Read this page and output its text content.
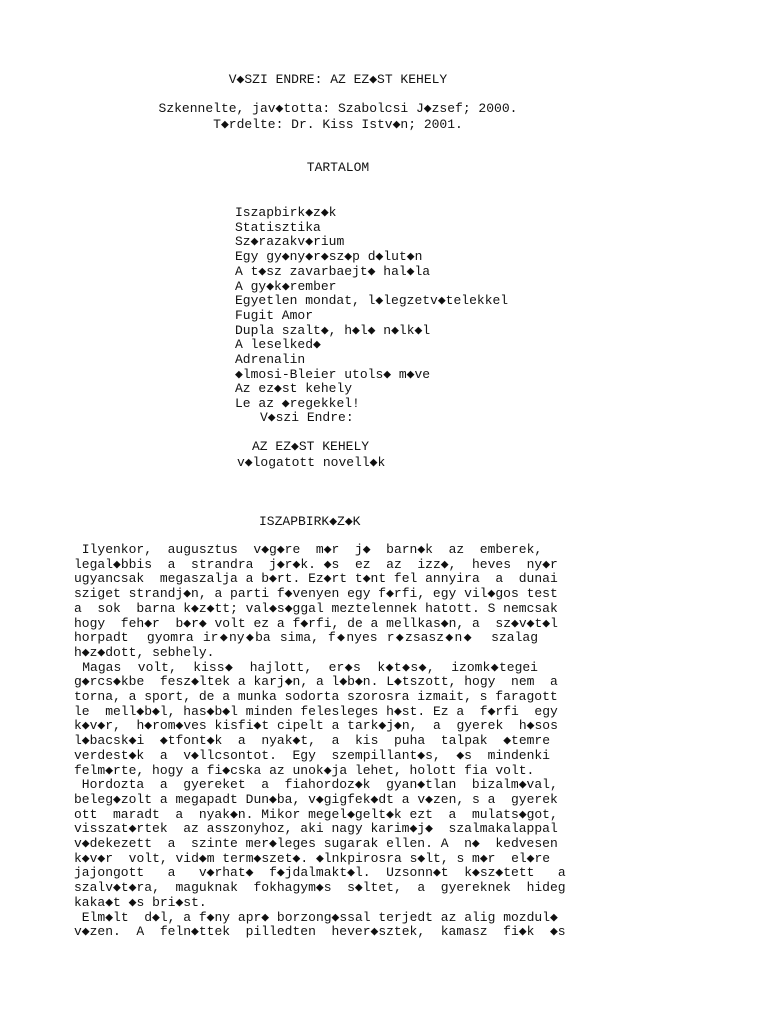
V◆SZI ENDRE: AZ EZ◆ST KEHELY
Szkennelte, jav◆totta: Szabolcsi J◆zsef; 2000.
T◆rdelte: Dr. Kiss Istv◆n; 2001.
TARTALOM
Iszapbirk◆z◆k
Statisztika
Sz◆razakv◆rium
Egy gy◆ny◆r◆sz◆p d◆lut◆n
A t◆sz zavarbaejt◆ hal◆la
A gy◆k◆rember
Egyetlen mondat, l◆legzetv◆telekkel
Fugit Amor
Dupla szalt◆, h◆l◆ n◆lk◆l
A leselked◆
Adrenalin
◆lmosi-Bleier utols◆ m◆ve
Az ez◆st kehely
Le az ◆regekkel!
V◆szi Endre:
AZ EZ◆ST KEHELY
v◆logatott novell◆k
ISZAPBIRK◆Z◆K
Ilyenkor,  augusztus  v◆g◆re  m◆r  j◆  barn◆k  az  emberek,
legal◆bbis  a  strandra  j◆r◆k. ◆s  ez  az  izz◆,  heves  ny◆r
ugyancsak  megaszalja a b◆rt. Ez◆rt t◆nt fel annyira  a  dunai
sziget strandj◆n, a parti f◆venyen egy f◆rfi, egy vil◆gos test
a  sok  barna k◆z◆tt; val◆s◆ggal meztelennek hatott. S nemcsak
hogy  feh◆r  b◆r◆ volt ez a f◆rfi, de a mellkas◆n, a  sz◆v◆t◆l
horpadt  gyomra ir◆ny◆ba sima, f◆nyes r◆zsasz◆n◆  szalag
h◆z◆dott, sebhely.
Magas  volt,  kiss◆  hajlott,  er◆s  k◆t◆s◆,  izomk◆tegei
g◆rcs◆kbe  fesz◆ltek a karj◆n, a l◆b◆n. L◆tszott, hogy  nem  a
torna, a sport, de a munka sodorta szorosra izmait, s faragott
le  mell◆b◆l, has◆b◆l minden felesleges h◆st. Ez a  f◆rfi  egy
k◆v◆r,  h◆rom◆ves kisfi◆t cipelt a tark◆j◆n,  a  gyerek  h◆sos
l◆bacsk◆i  ◆tfont◆k  a  nyak◆t,  a  kis  puha  talpak  ◆temre
verdest◆k  a  v◆llcsontot.  Egy  szempillant◆s,  ◆s  mindenki
felm◆rte, hogy a fi◆cska az unok◆ja lehet, holott fia volt.
Hordozta  a  gyereket  a  fiahordoz◆k  gyan◆tlan  bizalm◆val,
beleg◆zolt a megapadt Dun◆ba, v◆gigfek◆dt a v◆zen, s a  gyerek
ott  maradt  a  nyak◆n. Mikor megel◆gelt◆k ezt  a  mulats◆got,
visszat◆rtek  az asszonyhoz, aki nagy karim◆j◆  szalmakalappal
v◆dekezett  a  szinte mer◆leges sugarak ellen. A  n◆  kedvesen
k◆v◆r  volt, vid◆m term◆szet◆. ◆lnkpirosra s◆lt, s m◆r  el◆re
jajongott   a   v◆rhat◆  f◆jdalmakt◆l.  Uzsonn◆t  k◆sz◆tett   a
szalv◆t◆ra,  maguknak  fokhagym◆s  s◆ltet,  a  gyereknek  hideg
kaka◆t ◆s bri◆st.
Elm◆lt  d◆l, a f◆ny apr◆ borzong◆ssal terjedt az alig mozdul◆
v◆zen.  A  feln◆ttek  pilledten  hever◆sztek,  kamasz  fi◆k  ◆s
